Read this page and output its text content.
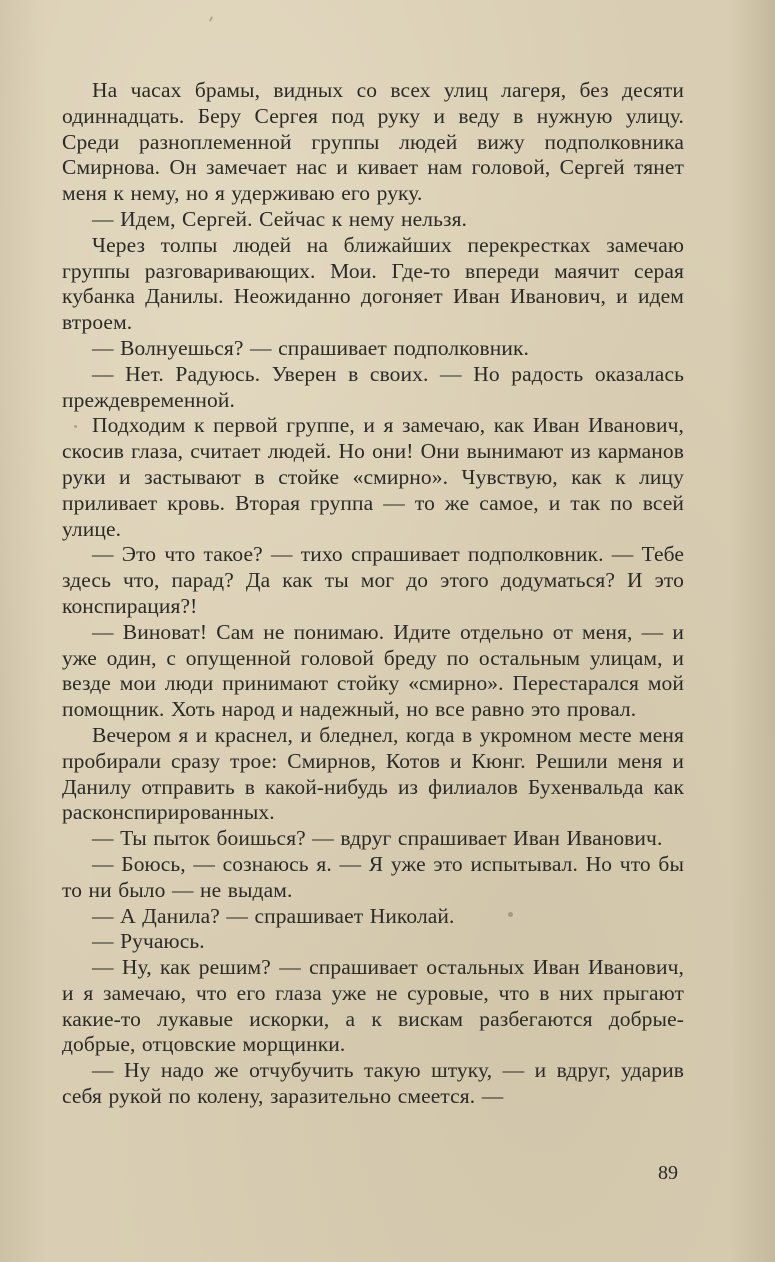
На часах брамы, видных со всех улиц лагеря, без десяти одиннадцать. Беру Сергея под руку и веду в нужную улицу. Среди разноплеменной группы людей вижу подполковника Смирнова. Он замечает нас и кивает нам головой, Сергей тянет меня к нему, но я удерживаю его руку.

— Идем, Сергей. Сейчас к нему нельзя.

Через толпы людей на ближайших перекрестках замечаю группы разговаривающих. Мои. Где-то впереди маячит серая кубанка Данилы. Неожиданно догоняет Иван Иванович, и идем втроем.

— Волнуешься? — спрашивает подполковник.

— Нет. Радуюсь. Уверен в своих. — Но радость оказалась преждевременной.

Подходим к первой группе, и я замечаю, как Иван Иванович, скосив глаза, считает людей. Но они! Они вынимают из карманов руки и застывают в стойке «смирно». Чувствую, как к лицу приливает кровь. Вторая группа — то же самое, и так по всей улице.

— Это что такое? — тихо спрашивает подполковник. — Тебе здесь что, парад? Да как ты мог до этого додуматься? И это конспирация?!

— Виноват! Сам не понимаю. Идите отдельно от меня, — и уже один, с опущенной головой бреду по остальным улицам, и везде мои люди принимают стойку «смирно». Перестарался мой помощник. Хоть народ и надежный, но все равно это провал.

Вечером я и краснел, и бледнел, когда в укромном месте меня пробирали сразу трое: Смирнов, Котов и Кюнг. Решили меня и Данилу отправить в какой-нибудь из филиалов Бухенвальда как расконспирированных.

— Ты пыток боишься? — вдруг спрашивает Иван Иванович.

— Боюсь, — сознаюсь я. — Я уже это испытывал. Но что бы то ни было — не выдам.

— А Данила? — спрашивает Николай.

— Ручаюсь.

— Ну, как решим? — спрашивает остальных Иван Иванович, и я замечаю, что его глаза уже не суровые, что в них прыгают какие-то лукавые искорки, а к вискам разбегаются добрые-добрые, отцовские морщинки.

— Ну надо же отчубучить такую штуку, — и вдруг, ударив себя рукой по колену, заразительно смеется. —

89
